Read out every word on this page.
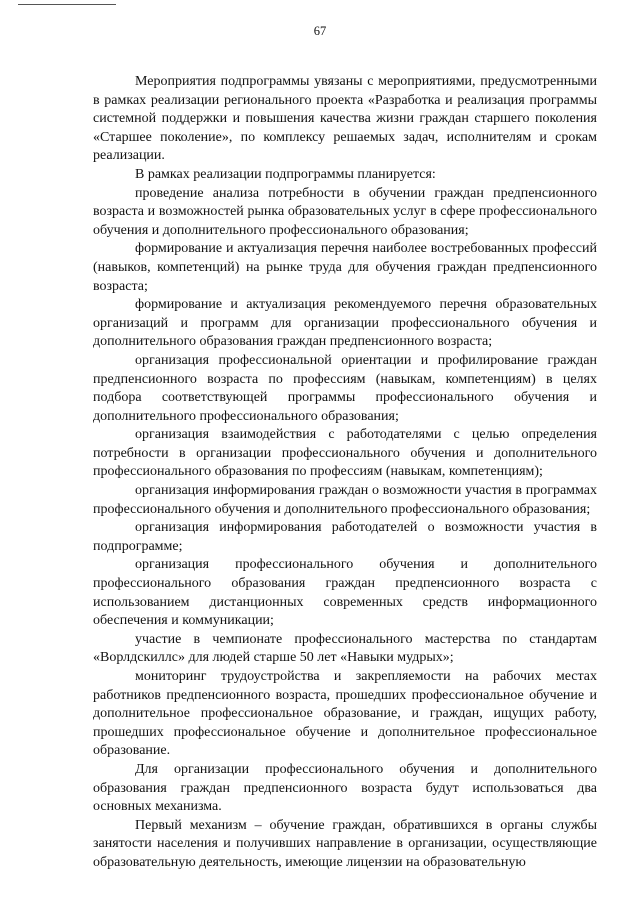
67

Мероприятия подпрограммы увязаны с мероприятиями, предусмотренными в рамках реализации регионального проекта «Разработка и реализация программы системной поддержки и повышения качества жизни граждан старшего поколения «Старшее поколение», по комплексу решаемых задач, исполнителям и срокам реализации.

В рамках реализации подпрограммы планируется:

проведение анализа потребности в обучении граждан предпенсионного возраста и возможностей рынка образовательных услуг в сфере профессионального обучения и дополнительного профессионального образования;

формирование и актуализация перечня наиболее востребованных профессий (навыков, компетенций) на рынке труда для обучения граждан предпенсионного возраста;

формирование и актуализация рекомендуемого перечня образовательных организаций и программ для организации профессионального обучения и дополнительного образования граждан предпенсионного возраста;

организация профессиональной ориентации и профилирование граждан предпенсионного возраста по профессиям (навыкам, компетенциям) в целях подбора соответствующей программы профессионального обучения и дополнительного профессионального образования;

организация взаимодействия с работодателями с целью определения потребности в организации профессионального обучения и дополнительного профессионального образования по профессиям (навыкам, компетенциям);

организация информирования граждан о возможности участия в программах профессионального обучения и дополнительного профессионального образования;

организация информирования работодателей о возможности участия в подпрограмме;

организация профессионального обучения и дополнительного профессионального образования граждан предпенсионного возраста с использованием дистанционных современных средств информационного обеспечения и коммуникации;

участие в чемпионате профессионального мастерства по стандартам «Ворлдскиллс» для людей старше 50 лет «Навыки мудрых»;

мониторинг трудоустройства и закрепляемости на рабочих местах работников предпенсионного возраста, прошедших профессиональное обучение и дополнительное профессиональное образование, и граждан, ищущих работу, прошедших профессиональное обучение и дополнительное профессиональное образование.

Для организации профессионального обучения и дополнительного образования граждан предпенсионного возраста будут использоваться два основных механизма.

Первый механизм – обучение граждан, обратившихся в органы службы занятости населения и получивших направление в организации, осуществляющие образовательную деятельность, имеющие лицензии на образовательную
